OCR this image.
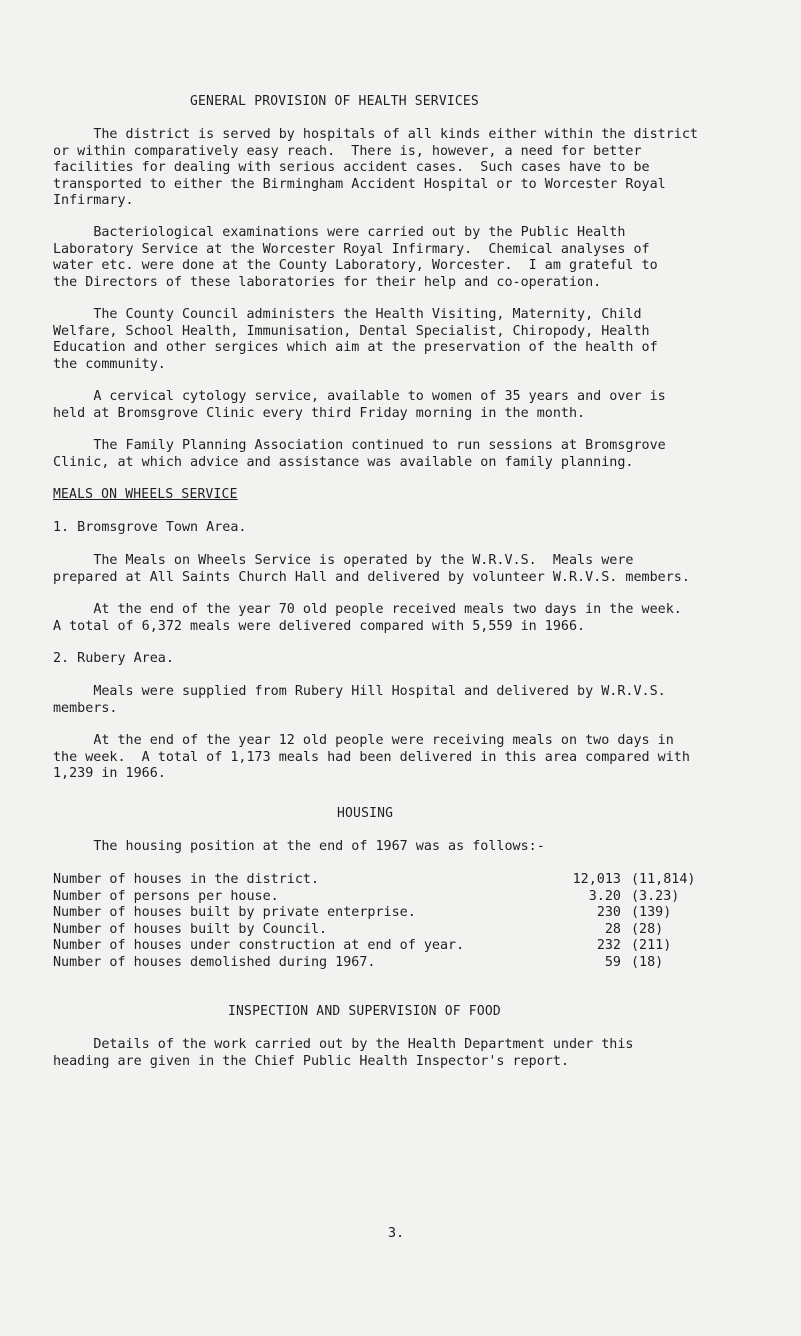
GENERAL PROVISION OF HEALTH SERVICES

The district is served by hospitals of all kinds either within the district
or within comparatively easy reach.  There is, however, a need for better
facilities for dealing with serious accident cases.  Such cases have to be
transported to either the Birmingham Accident Hospital or to Worcester Royal
Infirmary.

Bacteriological examinations were carried out by the Public Health
Laboratory Service at the Worcester Royal Infirmary.  Chemical analyses of
water etc. were done at the County Laboratory, Worcester.  I am grateful to
the Directors of these laboratories for their help and co-operation.

The County Council administers the Health Visiting, Maternity, Child
Welfare, School Health, Immunisation, Dental Specialist, Chiropody, Health
Education and other sergices which aim at the preservation of the health of
the community.

A cervical cytology service, available to women of 35 years and over is
held at Bromsgrove Clinic every third Friday morning in the month.

The Family Planning Association continued to run sessions at Bromsgrove
Clinic, at which advice and assistance was available on family planning.

MEALS ON WHEELS SERVICE

1. Bromsgrove Town Area.

The Meals on Wheels Service is operated by the W.R.V.S.  Meals were
prepared at All Saints Church Hall and delivered by volunteer W.R.V.S. members.

At the end of the year 70 old people received meals two days in the week.
A total of 6,372 meals were delivered compared with 5,559 in 1966.

2. Rubery Area.

Meals were supplied from Rubery Hill Hospital and delivered by W.R.V.S.
members.

At the end of the year 12 old people were receiving meals on two days in
the week.  A total of 1,173 meals had been delivered in this area compared with
1,239 in 1966.

HOUSING

The housing position at the end of 1967 was as follows:-

Number of houses in the district.	12,013 (11,814)
Number of persons per house.	3.20 (3.23)
Number of houses built by private enterprise.	230 (139)
Number of houses built by Council.	28 (28)
Number of houses under construction at end of year.	232 (211)
Number of houses demolished during 1967.	59 (18)
INSPECTION AND SUPERVISION OF FOOD

Details of the work carried out by the Health Department under this
heading are given in the Chief Public Health Inspector's report.

3.
